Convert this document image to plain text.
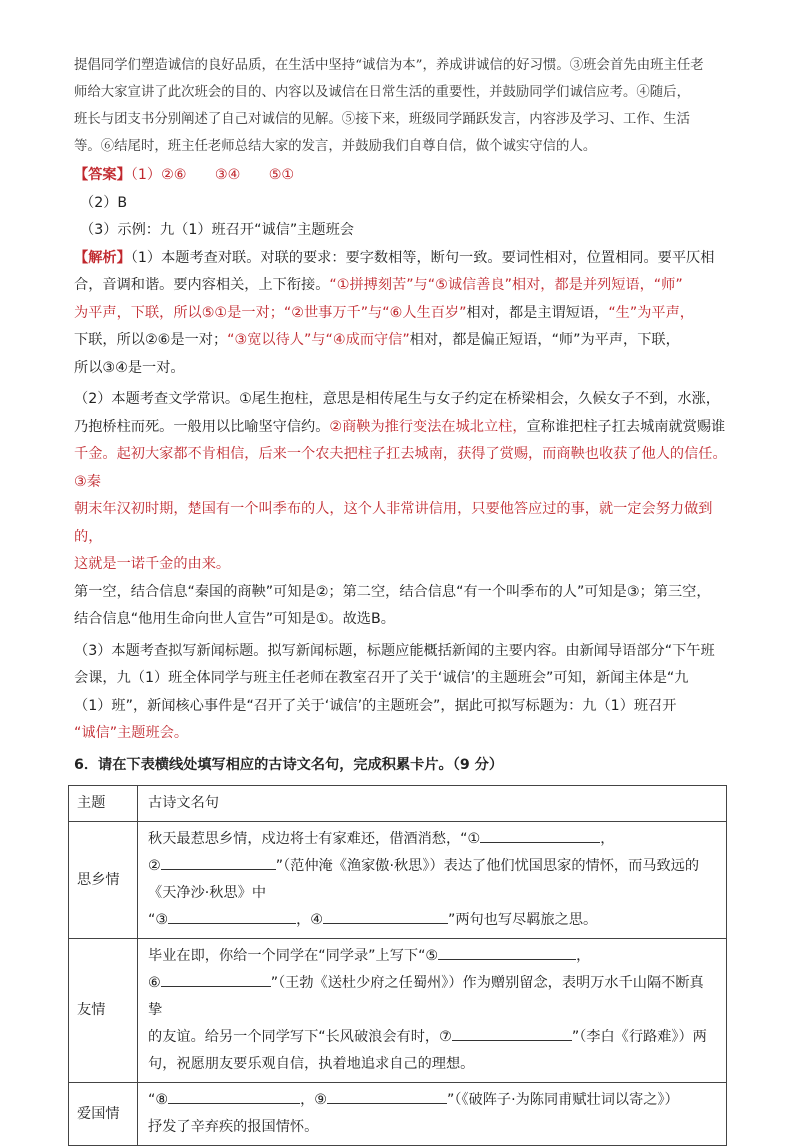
提倡同学们塑造诚信的良好品质，在生活中坚持“诚信为本”，养成讲诚信的好习惯。③班会首先由班主任老
师给大家宣讲了此次班会的目的、内容以及诚信在日常生活的重要性，并鼓励同学们诚信应考。④随后，
班长与团支书分别阐述了自己对诚信的见解。⑤接下来，班级同学踊跃发言，内容涉及学习、工作、生活
等。⑥结尾时，班主任老师总结大家的发言，并鼓励我们自尊自信，做个诚实守信的人。

【答案】（1）②⑥　　③④　　⑤①

（2）B

（3）示例：九（1）班召开“诚信”主题班会

【解析】（1）本题考查对联。对联的要求：要字数相等，断句一致。要词性相对，位置相同。要平仄相

合，音调和谐。要内容相关，上下衔接。“①拼搏刻苦”与“⑤诚信善良”相对，都是并列短语，“师”

为平声，下联，所以⑤①是一对；“②世事万千”与“⑥人生百岁”相对，都是主谓短语，“生”为平声，

下联，所以②⑥是一对；“③宽以待人”与“④成而守信”相对，都是偏正短语，“师”为平声，下联，

所以③④是一对。

（2）本题考查文学常识。①尾生抱柱，意思是相传尾生与女子约定在桥梁相会，久候女子不到，水涨，

乃抱桥柱而死。一般用以比喻坚守信约。②商鞅为推行变法在城北立柱，宣称谁把柱子扛去城南就赏赐谁

千金。起初大家都不肯相信，后来一个农夫把柱子扛去城南，获得了赏赐，而商鞅也收获了他人的信任。③秦

朝末年汉初时期，楚国有一个叫季布的人，这个人非常讲信用，只要他答应过的事，就一定会努力做到的，

这就是一诺千金的由来。

第一空，结合信息“秦国的商鞅”可知是②；第二空，结合信息“有一个叫季布的人”可知是③；第三空，

结合信息“他用生命向世人宣告”可知是①。故选B。

（3）本题考查拟写新闻标题。拟写新闻标题，标题应能概括新闻的主要内容。由新闻导语部分“下午班

会课，九（1）班全体同学与班主任老师在教室召开了关于‘诚信’的主题班会”可知，新闻主体是“九

（1）班”，新闻核心事件是“召开了关于‘诚信’的主题班会”，据此可拟写标题为：九（1）班召开

“诚信”主题班会。

6．请在下表横线处填写相应的古诗文名句，完成积累卡片。（9 分）

主题	古诗文名句
思乡情	秋天最惹思乡情，戍边将士有家难还，借酒消愁，“① ，
② ”（范仲淹《渔家傲·秋思》）表达了他们忧国思家的情怀，而马致远的
《天净沙·秋思》中
“③ ，④ ”两句也写尽羁旅之思。

友情	毕业在即，你给一个同学在“同学录”上写下“⑤ ，
⑥ ”（王勃《送杜少府之任蜀州》）作为赠别留念，表明万水千山隔不断真挚
的友谊。给另一个同学写下“长风破浪会有时，⑦ ”（李白《行路难》）两
句，祝愿朋友要乐观自信，执着地追求自己的理想。

爱国情	“⑧ ，⑨ ”（《破阵子·为陈同甫赋壮词以寄之》）
抒发了辛弃疾的报国情怀。
